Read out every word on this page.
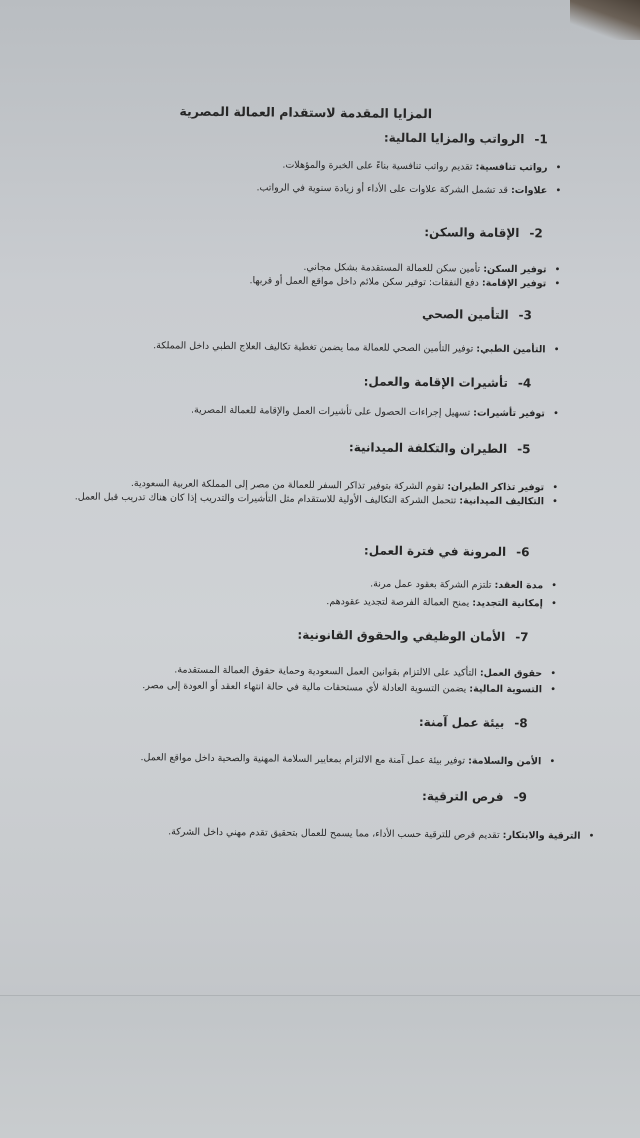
المزايا المقدمة لاستقدام العمالة المصرية
1-الرواتب والمزايا المالية:
•
رواتب تنافسية: تقديم رواتب تنافسية بناءً على الخبرة والمؤهلات.
•
علاوات: قد تشمل الشركة علاوات على الأداء أو زيادة سنوية في الرواتب.
2-الإقامة والسكن:
•
توفير السكن: تأمين سكن للعمالة المستقدمة بشكل مجاني.
•
توفير الإقامة: دفع النفقات: توفير سكن ملائم داخل مواقع العمل أو قربها.
3-التأمين الصحي
•
التأمين الطبي: توفير التأمين الصحي للعمالة مما يضمن تغطية تكاليف العلاج الطبي داخل المملكة.
4-تأشيرات الإقامة والعمل:
•
توفير تأشيرات: تسهيل إجراءات الحصول على تأشيرات العمل والإقامة للعمالة المصرية.
5-الطيران والتكلفة الميدانية:
•
توفير تذاكر الطيران: تقوم الشركة بتوفير تذاكر السفر للعمالة من مصر إلى المملكة العربية السعودية.
•
التكاليف الميدانية: تتحمل الشركة التكاليف الأولية للاستقدام مثل التأشيرات والتدريب إذا كان هناك تدريب قبل العمل.
6-المرونة في فترة العمل:
•
مدة العقد: تلتزم الشركة بعقود عمل مرنة.
•
إمكانية التجديد: يمنح العمالة الفرصة لتجديد عقودهم.
7-الأمان الوظيفي والحقوق القانونية:
•
حقوق العمل: التأكيد على الالتزام بقوانين العمل السعودية وحماية حقوق العمالة المستقدمة.
•
التسوية المالية: يضمن التسوية العادلة لأي مستحقات مالية في حالة انتهاء العقد أو العودة إلى مصر.
8-بيئة عمل آمنة:
•
الأمن والسلامة: توفير بيئة عمل آمنة مع الالتزام بمعايير السلامة المهنية والصحية داخل مواقع العمل.
9-فرص الترقية:
•
الترقية والابتكار: تقديم فرص للترقية حسب الأداء، مما يسمح للعمال بتحقيق تقدم مهني داخل الشركة.
